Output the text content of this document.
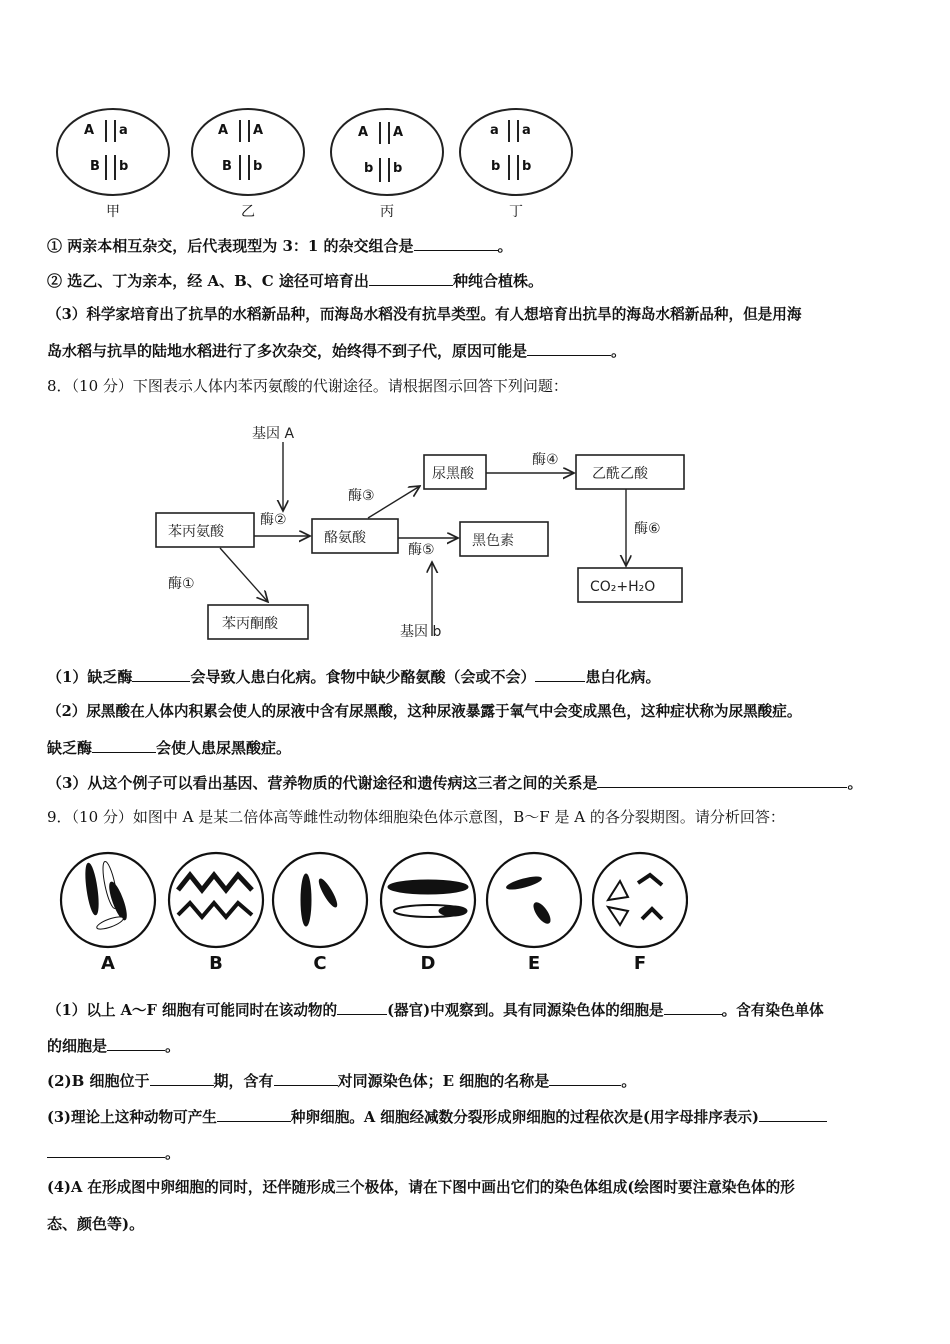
A a
B b
A A
B b
A A
b b
a a
b b
甲	乙	丙	丁
① 两亲本相互杂交，后代表现型为 3：1 的杂交组合是	。
② 选乙、丁为亲本，经 A、B、C 途径可培育出	种纯合植株。
（3）科学家培育出了抗旱的水稻新品种，而海岛水稻没有抗旱类型。有人想培育出抗旱的海岛水稻新品种，但是用海
岛水稻与抗旱的陆地水稻进行了多次杂交，始终得不到子代，原因可能是	。
8．（10 分）下图表示人体内苯丙氨酸的代谢途径。请根据图示回答下列问题：
基因 A
苯丙氨酸	酪氨酸
尿黑酸	乙酰乙酸
黑色素
CO₂+H₂O
苯丙酮酸	基因 b
酶①
酶②
酶③
酶④
酶⑤
酶⑥
（1）缺乏酶	会导致人患白化病。食物中缺少酪氨酸（会或不会）	患白化病。
（2）尿黑酸在人体内积累会使人的尿液中含有尿黑酸，这种尿液暴露于氧气中会变成黑色，这种症状称为尿黑酸症。
缺乏酶	会使人患尿黑酸症。
（3）从这个例子可以看出基因、营养物质的代谢途径和遗传病这三者之间的关系是	。
9．（10 分）如图中 A 是某二倍体高等雌性动物体细胞染色体示意图，B～F 是 A 的各分裂期图。请分析回答：
A	B	C	D	E	F
（1）以上 A～F 细胞有可能同时在该动物的	(器官)中观察到。具有同源染色体的细胞是	。含有染色单体
的细胞是	。
(2)B 细胞位于	期，含有	对同源染色体；E 细胞的名称是	。
(3)理论上这种动物可产生	种卵细胞。A 细胞经减数分裂形成卵细胞的过程依次是(用字母排序表示)
。
(4)A 在形成图中卵细胞的同时，还伴随形成三个极体，请在下图中画出它们的染色体组成(绘图时要注意染色体的形
态、颜色等)。
